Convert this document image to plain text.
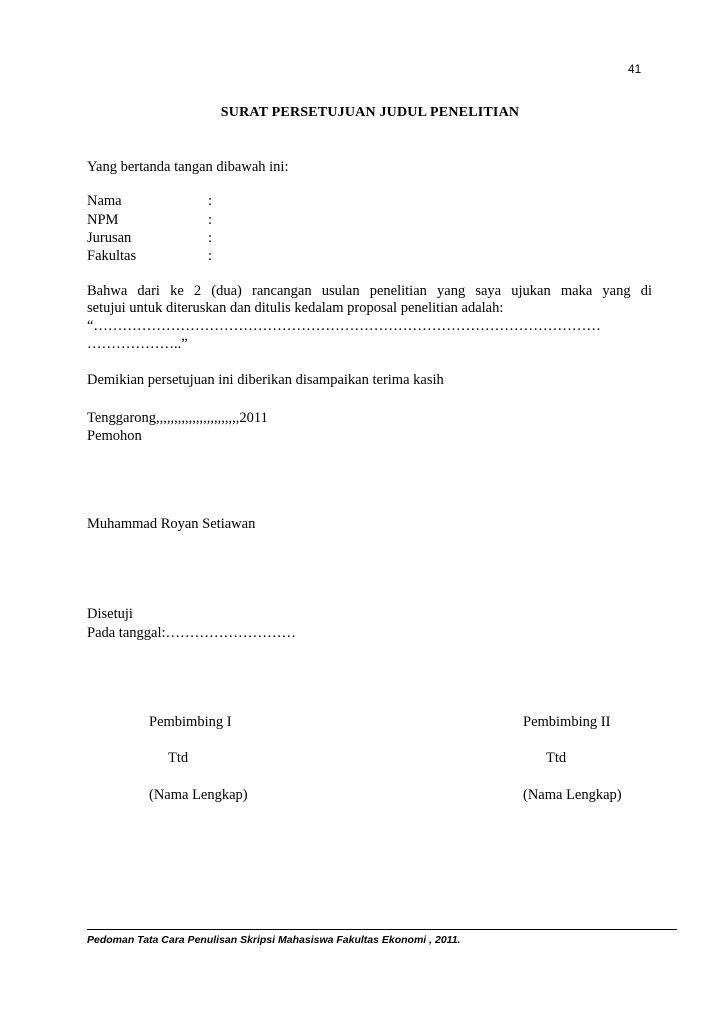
41
SURAT PERSETUJUAN JUDUL PENELITIAN
Yang bertanda tangan dibawah ini:
Nama	:
NPM	:
Jurusan	:
Fakultas	:
Bahwa dari ke 2 (dua) rancangan usulan penelitian yang saya ujukan maka yang di
setujui untuk diteruskan dan ditulis kedalam proposal penelitian adalah:
“……………………………………………………………………………………………
………………..”
Demikian persetujuan ini diberikan disampaikan terima kasih
Tenggarong,,,,,,,,,,,,,,,,,,,,,,,2011
Pemohon
Muhammad Royan Setiawan
Disetuji
Pada tanggal:………………………
Pembimbing I
Ttd
(Nama Lengkap)
Pembimbing II
Ttd
(Nama Lengkap)
Pedoman Tata Cara Penulisan Skripsi Mahasiswa Fakultas Ekonomi , 2011.
